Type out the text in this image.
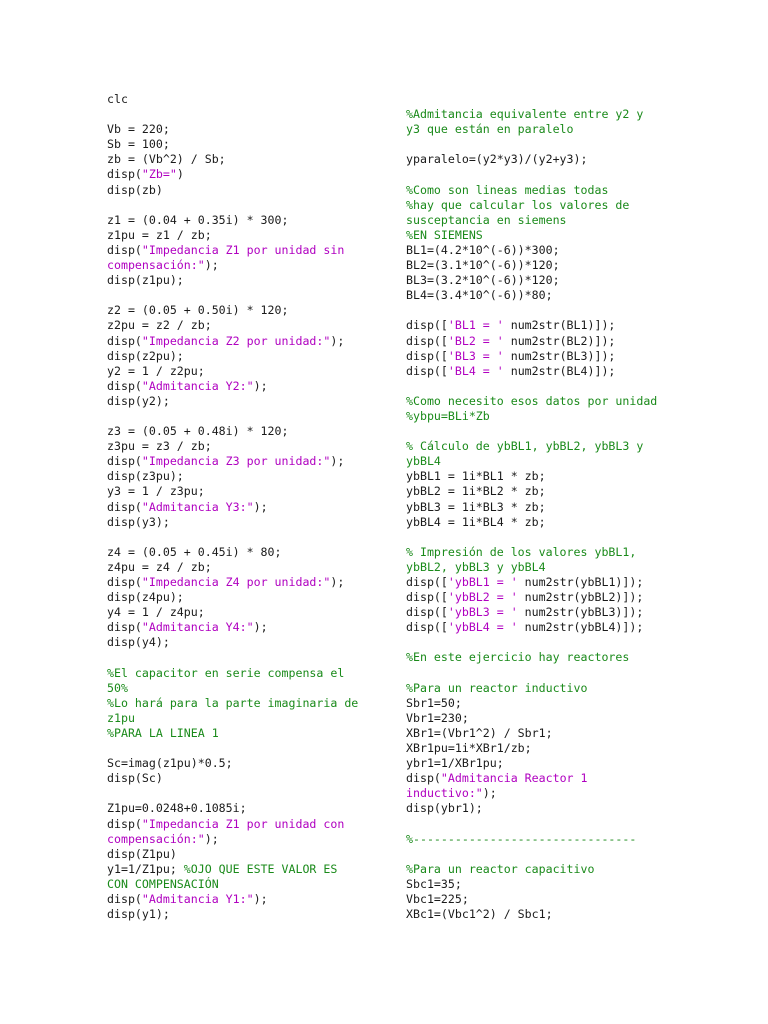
clc
Vb = 220;
Sb = 100;
zb = (Vb^2) / Sb;
disp("Zb=")
disp(zb)
z1 = (0.04 + 0.35i) * 300;
z1pu = z1 / zb;
disp("Impedancia Z1 por unidad sin
compensación:");
disp(z1pu);
z2 = (0.05 + 0.50i) * 120;
z2pu = z2 / zb;
disp("Impedancia Z2 por unidad:");
disp(z2pu);
y2 = 1 / z2pu;
disp("Admitancia Y2:");
disp(y2);
z3 = (0.05 + 0.48i) * 120;
z3pu = z3 / zb;
disp("Impedancia Z3 por unidad:");
disp(z3pu);
y3 = 1 / z3pu;
disp("Admitancia Y3:");
disp(y3);
z4 = (0.05 + 0.45i) * 80;
z4pu = z4 / zb;
disp("Impedancia Z4 por unidad:");
disp(z4pu);
y4 = 1 / z4pu;
disp("Admitancia Y4:");
disp(y4);
%El capacitor en serie compensa el
50%
%Lo hará para la parte imaginaria de
z1pu
%PARA LA LINEA 1
Sc=imag(z1pu)*0.5;
disp(Sc)
Z1pu=0.0248+0.1085i;
disp("Impedancia Z1 por unidad con
compensación:");
disp(Z1pu)
y1=1/Z1pu; %OJO QUE ESTE VALOR ES
CON COMPENSACIÓN
disp("Admitancia Y1:");
disp(y1);
%Admitancia equivalente entre y2 y
y3 que están en paralelo
yparalelo=(y2*y3)/(y2+y3);
%Como son lineas medias todas
%hay que calcular los valores de
susceptancia en siemens
%EN SIEMENS
BL1=(4.2*10^(-6))*300;
BL2=(3.1*10^(-6))*120;
BL3=(3.2*10^(-6))*120;
BL4=(3.4*10^(-6))*80;
disp(['BL1 = ' num2str(BL1)]);
disp(['BL2 = ' num2str(BL2)]);
disp(['BL3 = ' num2str(BL3)]);
disp(['BL4 = ' num2str(BL4)]);
%Como necesito esos datos por unidad
%ybpu=BLi*Zb
% Cálculo de ybBL1, ybBL2, ybBL3 y
ybBL4
ybBL1 = 1i*BL1 * zb;
ybBL2 = 1i*BL2 * zb;
ybBL3 = 1i*BL3 * zb;
ybBL4 = 1i*BL4 * zb;
% Impresión de los valores ybBL1,
ybBL2, ybBL3 y ybBL4
disp(['ybBL1 = ' num2str(ybBL1)]);
disp(['ybBL2 = ' num2str(ybBL2)]);
disp(['ybBL3 = ' num2str(ybBL3)]);
disp(['ybBL4 = ' num2str(ybBL4)]);
%En este ejercicio hay reactores
%Para un reactor inductivo
Sbr1=50;
Vbr1=230;
XBr1=(Vbr1^2) / Sbr1;
XBr1pu=1i*XBr1/zb;
ybr1=1/XBr1pu;
disp("Admitancia Reactor 1
inductivo:");
disp(ybr1);
%--------------------------------
%Para un reactor capacitivo
Sbc1=35;
Vbc1=225;
XBc1=(Vbc1^2) / Sbc1;
